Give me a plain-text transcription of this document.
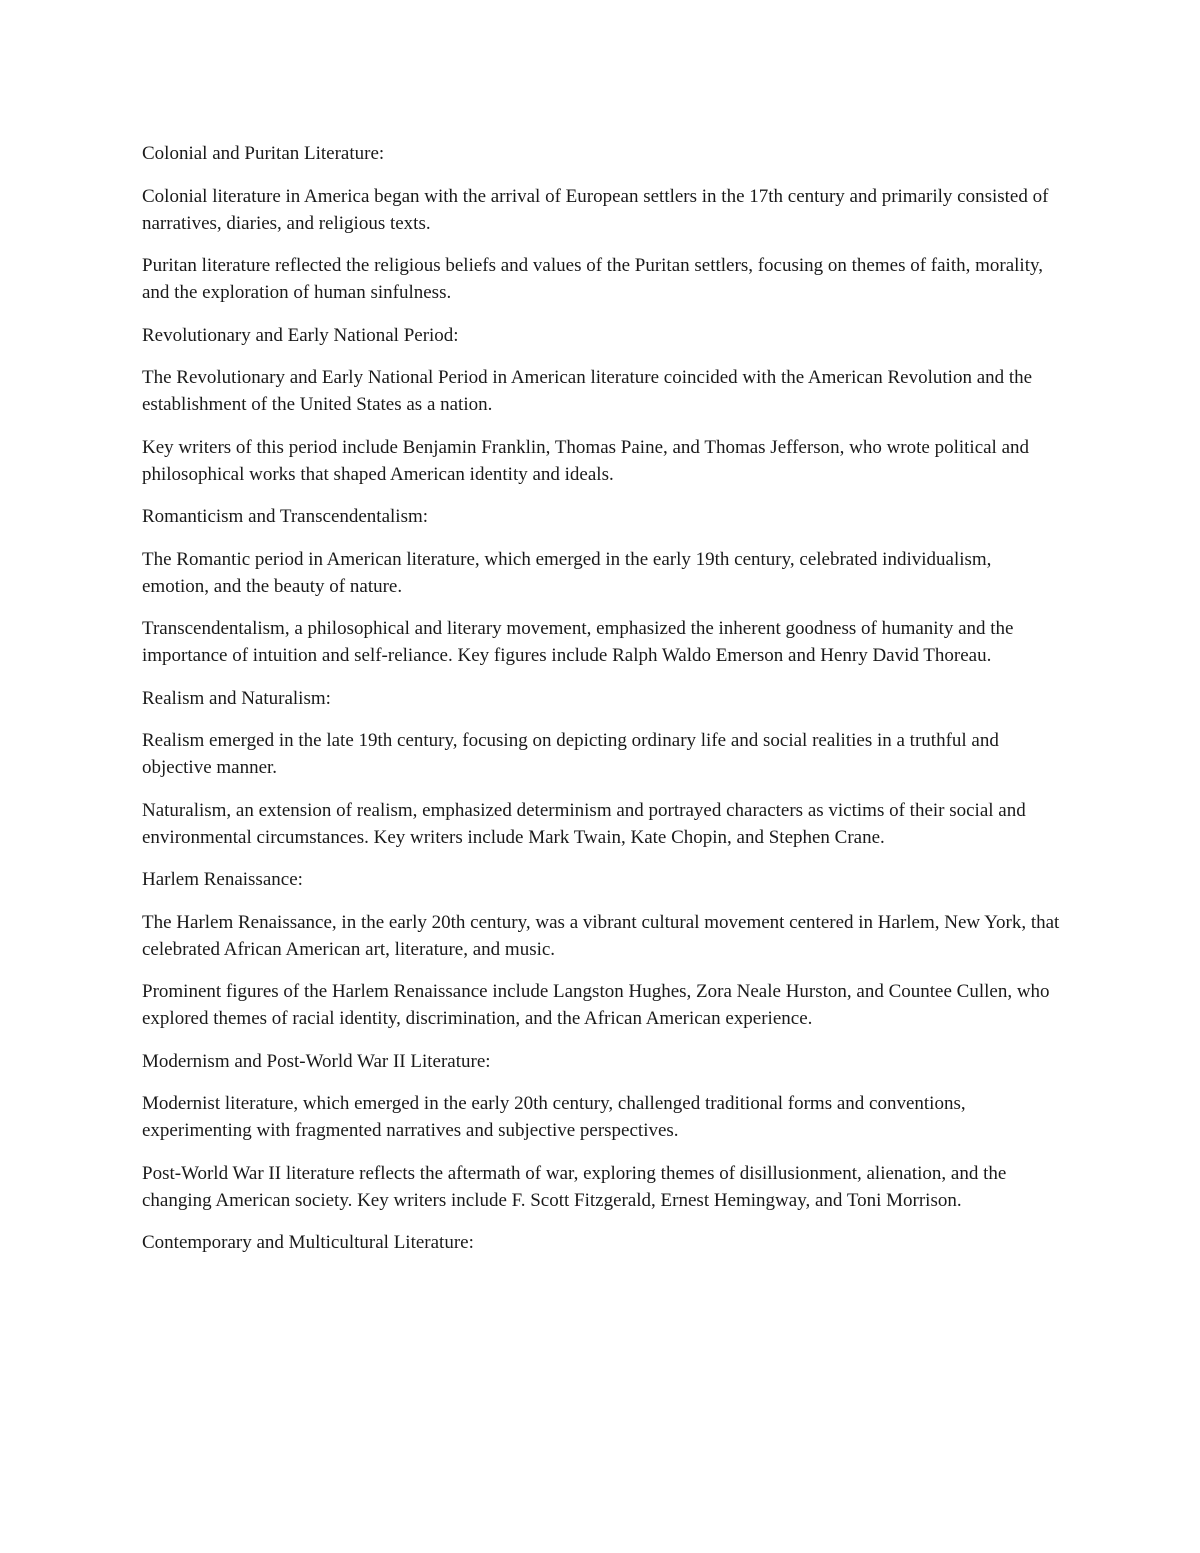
Colonial and Puritan Literature:

Colonial literature in America began with the arrival of European settlers in the 17th century and primarily consisted of narratives, diaries, and religious texts.

Puritan literature reflected the religious beliefs and values of the Puritan settlers, focusing on themes of faith, morality, and the exploration of human sinfulness.

Revolutionary and Early National Period:

The Revolutionary and Early National Period in American literature coincided with the American Revolution and the establishment of the United States as a nation.

Key writers of this period include Benjamin Franklin, Thomas Paine, and Thomas Jefferson, who wrote political and philosophical works that shaped American identity and ideals.

Romanticism and Transcendentalism:

The Romantic period in American literature, which emerged in the early 19th century, celebrated individualism, emotion, and the beauty of nature.

Transcendentalism, a philosophical and literary movement, emphasized the inherent goodness of humanity and the importance of intuition and self-reliance. Key figures include Ralph Waldo Emerson and Henry David Thoreau.

Realism and Naturalism:

Realism emerged in the late 19th century, focusing on depicting ordinary life and social realities in a truthful and objective manner.

Naturalism, an extension of realism, emphasized determinism and portrayed characters as victims of their social and environmental circumstances. Key writers include Mark Twain, Kate Chopin, and Stephen Crane.

Harlem Renaissance:

The Harlem Renaissance, in the early 20th century, was a vibrant cultural movement centered in Harlem, New York, that celebrated African American art, literature, and music.

Prominent figures of the Harlem Renaissance include Langston Hughes, Zora Neale Hurston, and Countee Cullen, who explored themes of racial identity, discrimination, and the African American experience.

Modernism and Post-World War II Literature:

Modernist literature, which emerged in the early 20th century, challenged traditional forms and conventions, experimenting with fragmented narratives and subjective perspectives.

Post-World War II literature reflects the aftermath of war, exploring themes of disillusionment, alienation, and the changing American society. Key writers include F. Scott Fitzgerald, Ernest Hemingway, and Toni Morrison.

Contemporary and Multicultural Literature:
